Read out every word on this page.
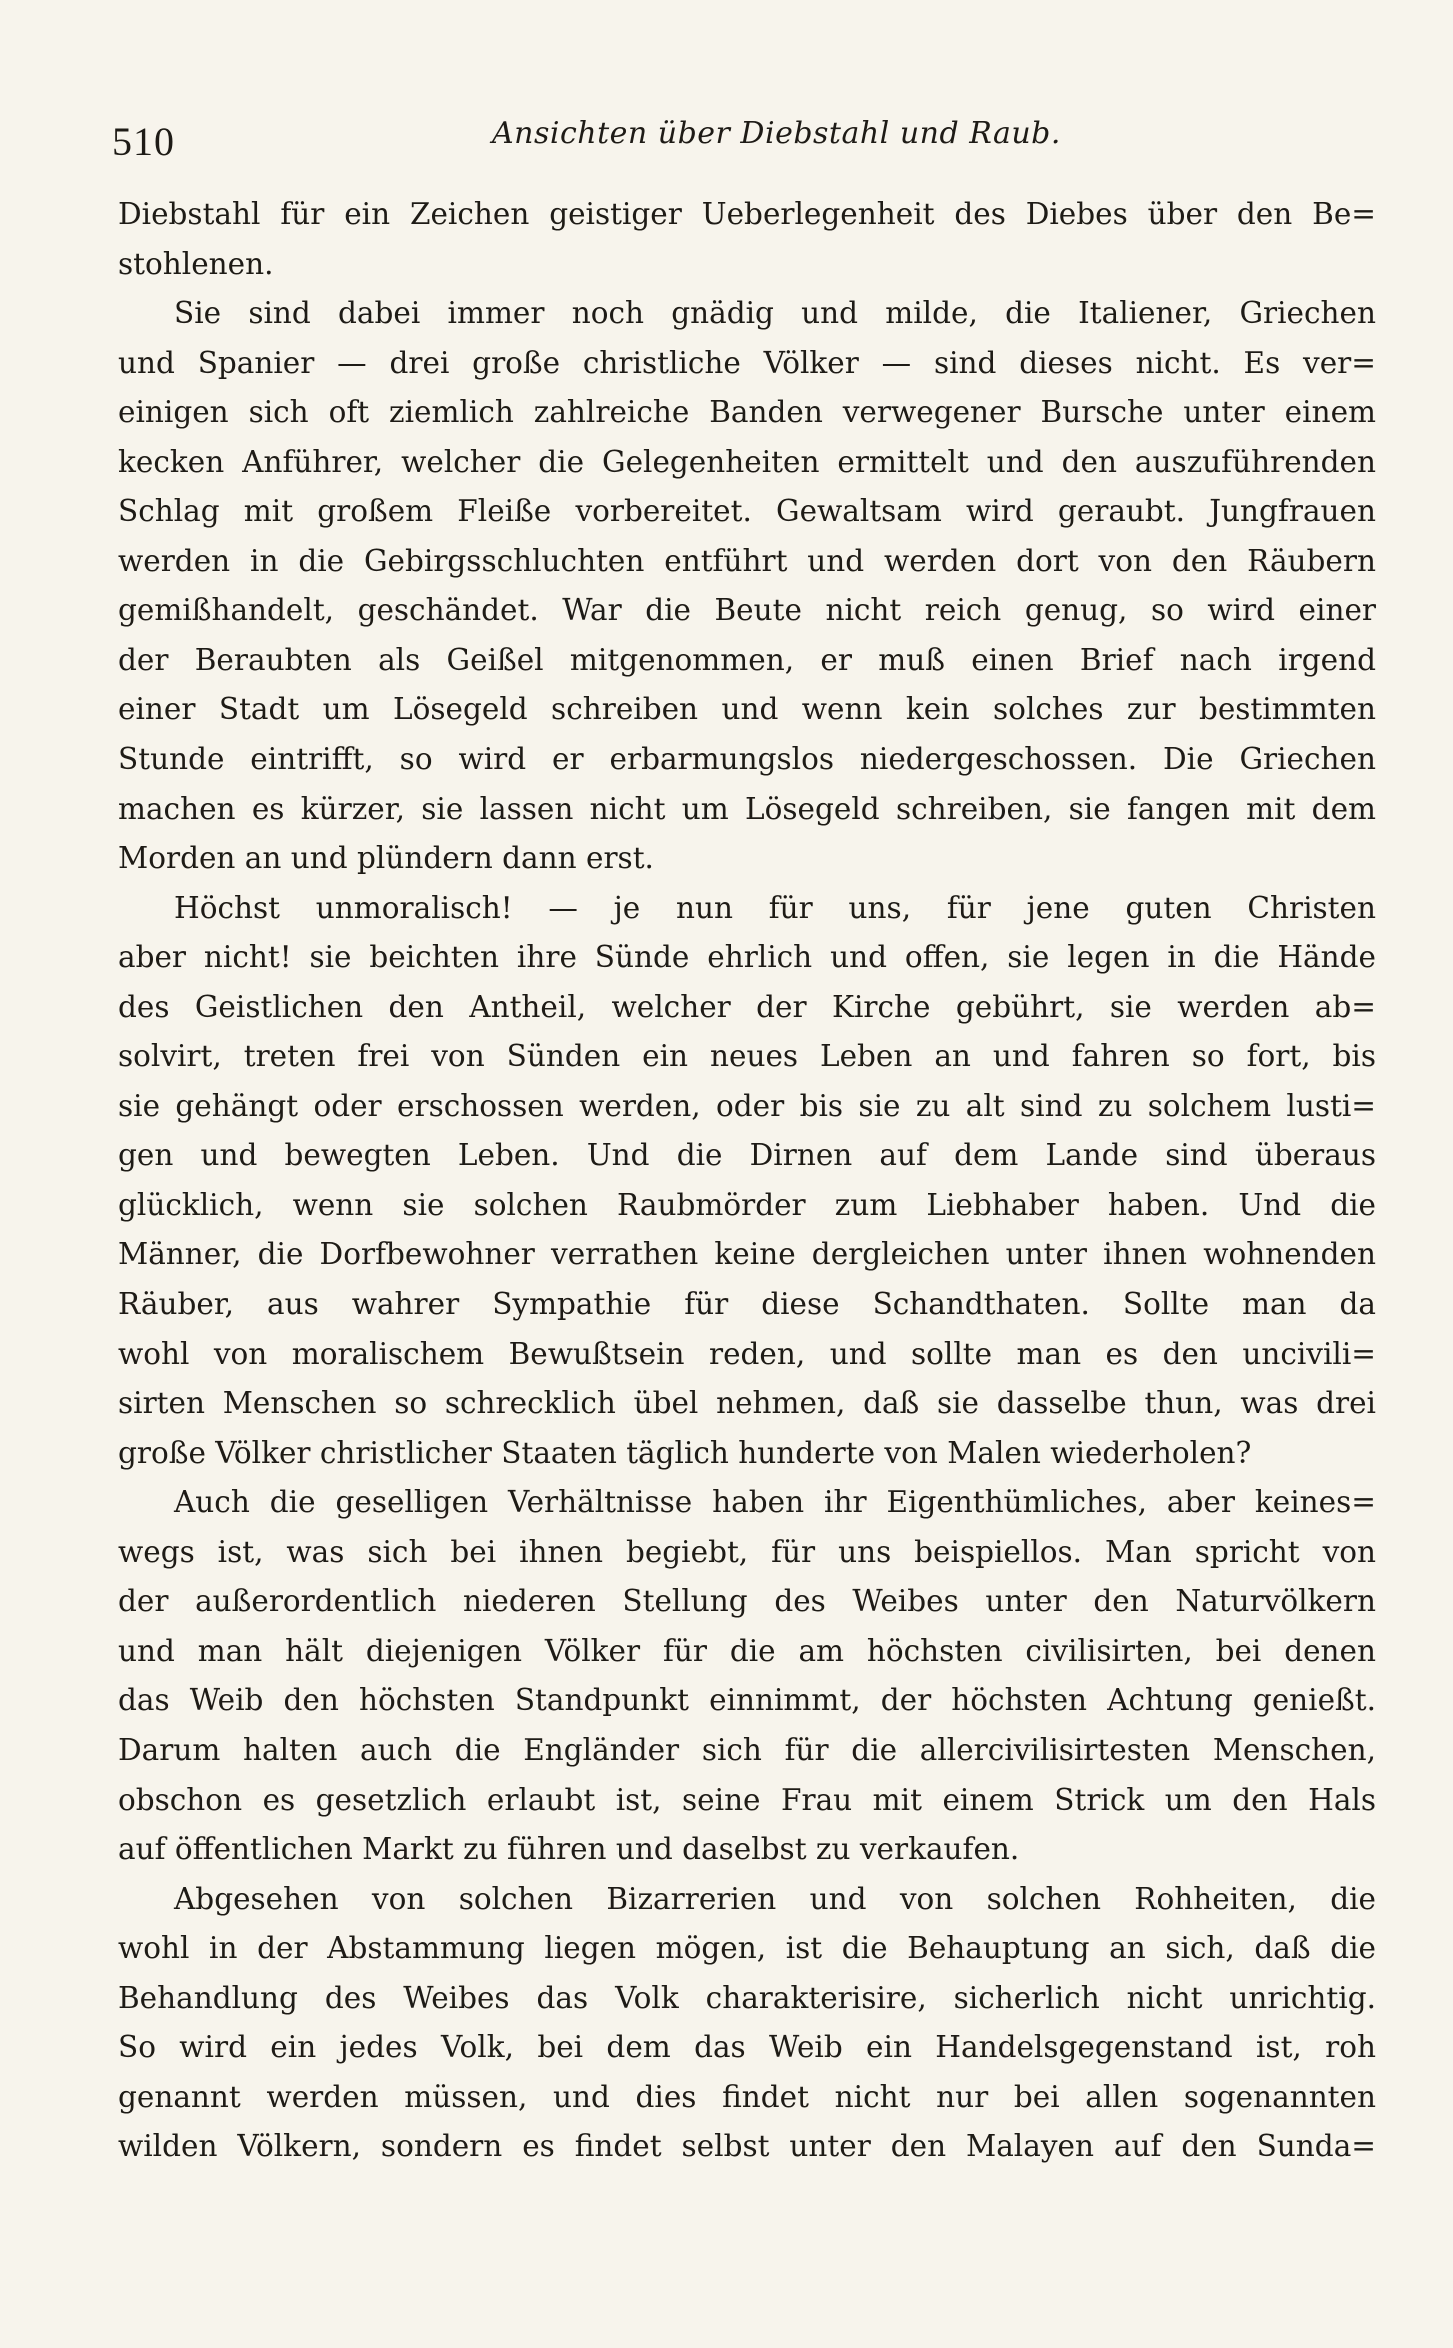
510	Ansichten über Diebstahl und Raub.
Diebstahl für ein Zeichen geistiger Ueberlegenheit des Diebes über den Be=
stohlenen.
Sie sind dabei immer noch gnädig und milde, die Italiener, Griechen
und Spanier — drei große christliche Völker — sind dieses nicht. Es ver=
einigen sich oft ziemlich zahlreiche Banden verwegener Bursche unter einem
kecken Anführer, welcher die Gelegenheiten ermittelt und den auszuführenden
Schlag mit großem Fleiße vorbereitet. Gewaltsam wird geraubt. Jungfrauen
werden in die Gebirgsschluchten entführt und werden dort von den Räubern
gemißhandelt, geschändet. War die Beute nicht reich genug, so wird einer
der Beraubten als Geißel mitgenommen, er muß einen Brief nach irgend
einer Stadt um Lösegeld schreiben und wenn kein solches zur bestimmten
Stunde eintrifft, so wird er erbarmungslos niedergeschossen. Die Griechen
machen es kürzer, sie lassen nicht um Lösegeld schreiben, sie fangen mit dem
Morden an und plündern dann erst.
Höchst unmoralisch! — je nun für uns, für jene guten Christen
aber nicht! sie beichten ihre Sünde ehrlich und offen, sie legen in die Hände
des Geistlichen den Antheil, welcher der Kirche gebührt, sie werden ab=
solvirt, treten frei von Sünden ein neues Leben an und fahren so fort, bis
sie gehängt oder erschossen werden, oder bis sie zu alt sind zu solchem lusti=
gen und bewegten Leben. Und die Dirnen auf dem Lande sind überaus
glücklich, wenn sie solchen Raubmörder zum Liebhaber haben. Und die
Männer, die Dorfbewohner verrathen keine dergleichen unter ihnen wohnenden
Räuber, aus wahrer Sympathie für diese Schandthaten. Sollte man da
wohl von moralischem Bewußtsein reden, und sollte man es den uncivili=
sirten Menschen so schrecklich übel nehmen, daß sie dasselbe thun, was drei
große Völker christlicher Staaten täglich hunderte von Malen wiederholen?
Auch die geselligen Verhältnisse haben ihr Eigenthümliches, aber keines=
wegs ist, was sich bei ihnen begiebt, für uns beispiellos. Man spricht von
der außerordentlich niederen Stellung des Weibes unter den Naturvölkern
und man hält diejenigen Völker für die am höchsten civilisirten, bei denen
das Weib den höchsten Standpunkt einnimmt, der höchsten Achtung genießt.
Darum halten auch die Engländer sich für die allercivilisirtesten Menschen,
obschon es gesetzlich erlaubt ist, seine Frau mit einem Strick um den Hals
auf öffentlichen Markt zu führen und daselbst zu verkaufen.
Abgesehen von solchen Bizarrerien und von solchen Rohheiten, die
wohl in der Abstammung liegen mögen, ist die Behauptung an sich, daß die
Behandlung des Weibes das Volk charakterisire, sicherlich nicht unrichtig.
So wird ein jedes Volk, bei dem das Weib ein Handelsgegenstand ist, roh
genannt werden müssen, und dies findet nicht nur bei allen sogenannten
wilden Völkern, sondern es findet selbst unter den Malayen auf den Sunda=
